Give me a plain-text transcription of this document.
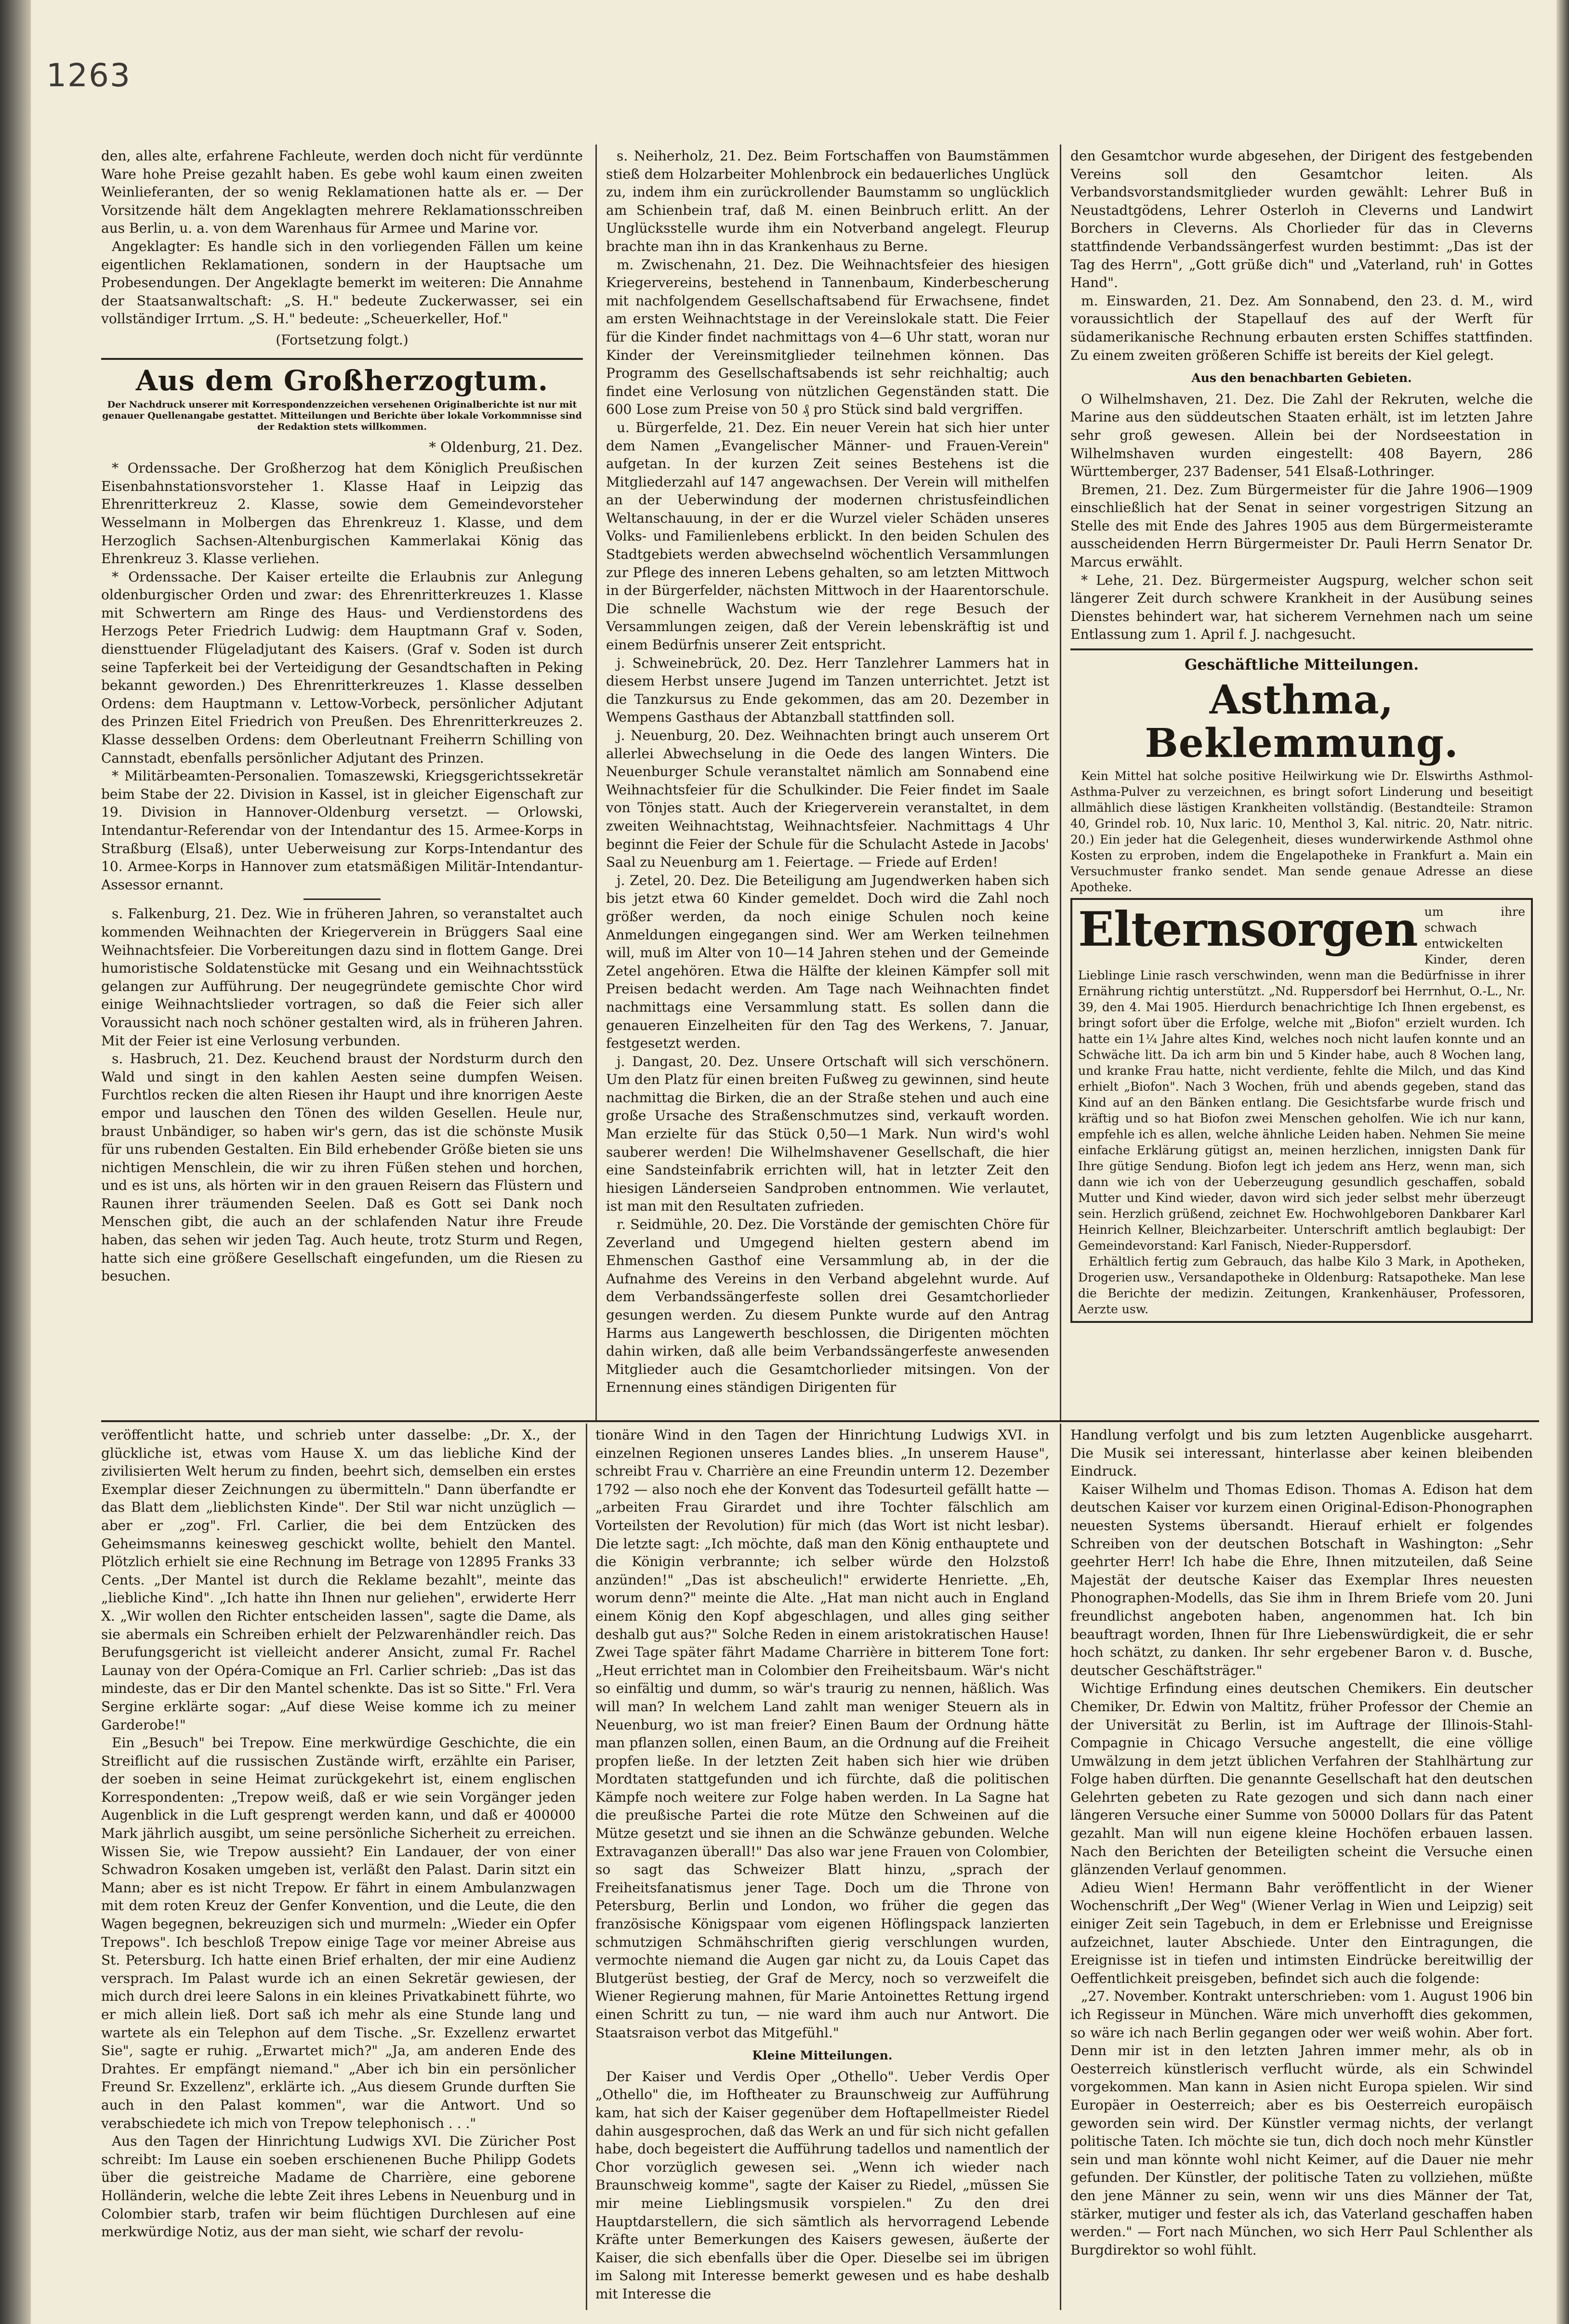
1263

den, alles alte, erfahrene Fachleute, werden doch nicht für verdünnte Ware hohe Preise gezahlt haben. Es gebe wohl kaum einen zweiten Weinlieferanten, der so wenig Reklamationen hatte als er. — Der Vorsitzende hält dem Angeklagten mehrere Reklamationsschreiben aus Berlin, u. a. von dem Warenhaus für Armee und Marine vor.

Angeklagter: Es handle sich in den vorliegenden Fällen um keine eigentlichen Reklamationen, sondern in der Hauptsache um Probesendungen. Der Angeklagte bemerkt im weiteren: Die Annahme der Staatsanwaltschaft: „S. H." bedeute Zuckerwasser, sei ein vollständiger Irrtum. „S. H." bedeute: „Scheuerkeller, Hof."

(Fortsetzung folgt.)
Aus dem Großherzogtum.
Der Nachdruck unserer mit Korrespondenzzeichen versehenen Originalberichte ist nur mit genauer Quellenangabe gestattet. Mitteilungen und Berichte über lokale Vorkommnisse sind der Redaktion stets willkommen.
* Oldenburg, 21. Dez.

* Ordenssache. Der Großherzog hat dem Königlich Preußischen Eisenbahnstationsvorsteher 1. Klasse Haaf in Leipzig das Ehrenritterkreuz 2. Klasse, sowie dem Gemeindevorsteher Wesselmann in Molbergen das Ehrenkreuz 1. Klasse, und dem Herzoglich Sachsen-Altenburgischen Kammerlakai König das Ehrenkreuz 3. Klasse verliehen.

* Ordenssache. Der Kaiser erteilte die Erlaubnis zur Anlegung oldenburgischer Orden und zwar: des Ehrenritterkreuzes 1. Klasse mit Schwertern am Ringe des Haus- und Verdienstordens des Herzogs Peter Friedrich Ludwig: dem Hauptmann Graf v. Soden, diensttuender Flügeladjutant des Kaisers. (Graf v. Soden ist durch seine Tapferkeit bei der Verteidigung der Gesandtschaften in Peking bekannt geworden.) Des Ehrenritterkreuzes 1. Klasse desselben Ordens: dem Hauptmann v. Lettow-Vorbeck, persönlicher Adjutant des Prinzen Eitel Friedrich von Preußen. Des Ehrenritterkreuzes 2. Klasse desselben Ordens: dem Oberleutnant Freiherrn Schilling von Cannstadt, ebenfalls persönlicher Adjutant des Prinzen.

* Militärbeamten-Personalien. Tomaszewski, Kriegsgerichtssekretär beim Stabe der 22. Division in Kassel, ist in gleicher Eigenschaft zur 19. Division in Hannover-Oldenburg versetzt. — Orlowski, Intendantur-Referendar von der Intendantur des 15. Armee-Korps in Straßburg (Elsaß), unter Ueberweisung zur Korps-Intendantur des 10. Armee-Korps in Hannover zum etatsmäßigen Militär-Intendantur-Assessor ernannt.

s. Falkenburg, 21. Dez. Wie in früheren Jahren, so veranstaltet auch kommenden Weihnachten der Kriegerverein in Brüggers Saal eine Weihnachtsfeier. Die Vorbereitungen dazu sind in flottem Gange. Drei humoristische Soldatenstücke mit Gesang und ein Weihnachtsstück gelangen zur Aufführung. Der neugegründete gemischte Chor wird einige Weihnachtslieder vortragen, so daß die Feier sich aller Voraussicht nach noch schöner gestalten wird, als in früheren Jahren. Mit der Feier ist eine Verlosung verbunden.

s. Hasbruch, 21. Dez. Keuchend braust der Nordsturm durch den Wald und singt in den kahlen Aesten seine dumpfen Weisen. Furchtlos recken die alten Riesen ihr Haupt und ihre knorrigen Aeste empor und lauschen den Tönen des wilden Gesellen. Heule nur, braust Unbändiger, so haben wir's gern, das ist die schönste Musik für uns rubenden Gestalten. Ein Bild erhebender Größe bieten sie uns nichtigen Menschlein, die wir zu ihren Füßen stehen und horchen, und es ist uns, als hörten wir in den grauen Reisern das Flüstern und Raunen ihrer träumenden Seelen. Daß es Gott sei Dank noch Menschen gibt, die auch an der schlafenden Natur ihre Freude haben, das sehen wir jeden Tag. Auch heute, trotz Sturm und Regen, hatte sich eine größere Gesellschaft eingefunden, um die Riesen zu besuchen.

s. Neiherholz, 21. Dez. Beim Fortschaffen von Baumstämmen stieß dem Holzarbeiter Mohlenbrock ein bedauerliches Unglück zu, indem ihm ein zurückrollender Baumstamm so unglücklich am Schienbein traf, daß M. einen Beinbruch erlitt. An der Unglücksstelle wurde ihm ein Notverband angelegt. Fleurup brachte man ihn in das Krankenhaus zu Berne.

m. Zwischenahn, 21. Dez. Die Weihnachtsfeier des hiesigen Kriegervereins, bestehend in Tannenbaum, Kinderbescherung mit nachfolgendem Gesellschaftsabend für Erwachsene, findet am ersten Weihnachtstage in der Vereinslokale statt. Die Feier für die Kinder findet nachmittags von 4—6 Uhr statt, woran nur Kinder der Vereinsmitglieder teilnehmen können. Das Programm des Gesellschaftsabends ist sehr reichhaltig; auch findet eine Verlosung von nützlichen Gegenständen statt. Die 600 Lose zum Preise von 50 ₰ pro Stück sind bald vergriffen.

u. Bürgerfelde, 21. Dez. Ein neuer Verein hat sich hier unter dem Namen „Evangelischer Männer- und Frauen-Verein" aufgetan. In der kurzen Zeit seines Bestehens ist die Mitgliederzahl auf 147 angewachsen. Der Verein will mithelfen an der Ueberwindung der modernen christusfeindlichen Weltanschauung, in der er die Wurzel vieler Schäden unseres Volks- und Familienlebens erblickt. In den beiden Schulen des Stadtgebiets werden abwechselnd wöchentlich Versammlungen zur Pflege des inneren Lebens gehalten, so am letzten Mittwoch in der Bürgerfelder, nächsten Mittwoch in der Haarentorschule. Die schnelle Wachstum wie der rege Besuch der Versammlungen zeigen, daß der Verein lebenskräftig ist und einem Bedürfnis unserer Zeit entspricht.

j. Schweinebrück, 20. Dez. Herr Tanzlehrer Lammers hat in diesem Herbst unsere Jugend im Tanzen unterrichtet. Jetzt ist die Tanzkursus zu Ende gekommen, das am 20. Dezember in Wempens Gasthaus der Abtanzball stattfinden soll.

j. Neuenburg, 20. Dez. Weihnachten bringt auch unserem Ort allerlei Abwechselung in die Oede des langen Winters. Die Neuenburger Schule veranstaltet nämlich am Sonnabend eine Weihnachtsfeier für die Schulkinder. Die Feier findet im Saale von Tönjes statt. Auch der Kriegerverein veranstaltet, in dem zweiten Weihnachtstag, Weihnachtsfeier. Nachmittags 4 Uhr beginnt die Feier der Schule für die Schulacht Astede in Jacobs' Saal zu Neuenburg am 1. Feiertage. — Friede auf Erden!

j. Zetel, 20. Dez. Die Beteiligung am Jugendwerken haben sich bis jetzt etwa 60 Kinder gemeldet. Doch wird die Zahl noch größer werden, da noch einige Schulen noch keine Anmeldungen eingegangen sind. Wer am Werken teilnehmen will, muß im Alter von 10—14 Jahren stehen und der Gemeinde Zetel angehören. Etwa die Hälfte der kleinen Kämpfer soll mit Preisen bedacht werden. Am Tage nach Weihnachten findet nachmittags eine Versammlung statt. Es sollen dann die genaueren Einzelheiten für den Tag des Werkens, 7. Januar, festgesetzt werden.

j. Dangast, 20. Dez. Unsere Ortschaft will sich verschönern. Um den Platz für einen breiten Fußweg zu gewinnen, sind heute nachmittag die Birken, die an der Straße stehen und auch eine große Ursache des Straßenschmutzes sind, verkauft worden. Man erzielte für das Stück 0,50—1 Mark. Nun wird's wohl sauberer werden! Die Wilhelmshavener Gesellschaft, die hier eine Sandsteinfabrik errichten will, hat in letzter Zeit den hiesigen Länderseien Sandproben entnommen. Wie verlautet, ist man mit den Resultaten zufrieden.

r. Seidmühle, 20. Dez. Die Vorstände der gemischten Chöre für Zeverland und Umgegend hielten gestern abend im Ehmenschen Gasthof eine Versammlung ab, in der die Aufnahme des Vereins in den Verband abgelehnt wurde. Auf dem Verbandssängerfeste sollen drei Gesamtchorlieder gesungen werden. Zu diesem Punkte wurde auf den Antrag Harms aus Langewerth beschlossen, die Dirigenten möchten dahin wirken, daß alle beim Verbandssängerfeste anwesenden Mitglieder auch die Gesamtchorlieder mitsingen. Von der Ernennung eines ständigen Dirigenten für

den Gesamtchor wurde abgesehen, der Dirigent des festgebenden Vereins soll den Gesamtchor leiten. Als Verbandsvorstandsmitglieder wurden gewählt: Lehrer Buß in Neustadtgödens, Lehrer Osterloh in Cleverns und Landwirt Borchers in Cleverns. Als Chorlieder für das in Cleverns stattfindende Verbandssängerfest wurden bestimmt: „Das ist der Tag des Herrn", „Gott grüße dich" und „Vaterland, ruh' in Gottes Hand".

m. Einswarden, 21. Dez. Am Sonnabend, den 23. d. M., wird voraussichtlich der Stapellauf des auf der Werft für südamerikanische Rechnung erbauten ersten Schiffes stattfinden. Zu einem zweiten größeren Schiffe ist bereits der Kiel gelegt.

Aus den benachbarten Gebieten.

O Wilhelmshaven, 21. Dez. Die Zahl der Rekruten, welche die Marine aus den süddeutschen Staaten erhält, ist im letzten Jahre sehr groß gewesen. Allein bei der Nordseestation in Wilhelmshaven wurden eingestellt: 408 Bayern, 286 Württemberger, 237 Badenser, 541 Elsaß-Lothringer.

Bremen, 21. Dez. Zum Bürgermeister für die Jahre 1906—1909 einschließlich hat der Senat in seiner vorgestrigen Sitzung an Stelle des mit Ende des Jahres 1905 aus dem Bürgermeisteramte ausscheidenden Herrn Bürgermeister Dr. Pauli Herrn Senator Dr. Marcus erwählt.

* Lehe, 21. Dez. Bürgermeister Augspurg, welcher schon seit längerer Zeit durch schwere Krankheit in der Ausübung seines Dienstes behindert war, hat sicherem Vernehmen nach um seine Entlassung zum 1. April f. J. nachgesucht.

Geschäftliche Mitteilungen.
Asthma, Beklemmung.

Kein Mittel hat solche positive Heilwirkung wie Dr. Elswirths Asthmol-Asthma-Pulver zu verzeichnen, es bringt sofort Linderung und beseitigt allmählich diese lästigen Krankheiten vollständig. (Bestandteile: Stramon 40, Grindel rob. 10, Nux laric. 10, Menthol 3, Kal. nitric. 20, Natr. nitric. 20.) Ein jeder hat die Gelegenheit, dieses wunderwirkende Asthmol ohne Kosten zu erproben, indem die Engelapotheke in Frankfurt a. Main ein Versuchmuster franko sendet. Man sende genaue Adresse an diese Apotheke.

Elternsorgen um ihre schwach entwickelten Kinder, deren Lieblinge Linie rasch verschwinden, wenn man die Bedürfnisse in ihrer Ernährung richtig unterstützt. „Nd. Ruppersdorf bei Herrnhut, O.-L., Nr. 39, den 4. Mai 1905. Hierdurch benachrichtige Ich Ihnen ergebenst, es bringt sofort über die Erfolge, welche mit „Biofon" erzielt wurden. Ich hatte ein 1¼ Jahre altes Kind, welches noch nicht laufen konnte und an Schwäche litt. Da ich arm bin und 5 Kinder habe, auch 8 Wochen lang, und kranke Frau hatte, nicht verdiente, fehlte die Milch, und das Kind erhielt „Biofon". Nach 3 Wochen, früh und abends gegeben, stand das Kind auf an den Bänken entlang. Die Gesichtsfarbe wurde frisch und kräftig und so hat Biofon zwei Menschen geholfen. Wie ich nur kann, empfehle ich es allen, welche ähnliche Leiden haben. Nehmen Sie meine einfache Erklärung gütigst an, meinen herzlichen, innigsten Dank für Ihre gütige Sendung. Biofon legt ich jedem ans Herz, wenn man, sich dann wie ich von der Ueberzeugung gesundlich geschaffen, sobald Mutter und Kind wieder, davon wird sich jeder selbst mehr überzeugt sein. Herzlich grüßend, zeichnet Ew. Hochwohlgeboren Dankbarer Karl Heinrich Kellner, Bleichzarbeiter. Unterschrift amtlich beglaubigt: Der Gemeindevorstand: Karl Fanisch, Nieder-Ruppersdorf.

Erhältlich fertig zum Gebrauch, das halbe Kilo 3 Mark, in Apotheken, Drogerien usw., Versandapotheke in Oldenburg: Ratsapotheke. Man lese die Berichte der medizin. Zeitungen, Krankenhäuser, Professoren, Aerzte usw.

veröffentlicht hatte, und schrieb unter dasselbe: „Dr. X., der glückliche ist, etwas vom Hause X. um das liebliche Kind der zivilisierten Welt herum zu finden, beehrt sich, demselben ein erstes Exemplar dieser Zeichnungen zu übermitteln." Dann überfandte er das Blatt dem „lieblichsten Kinde". Der Stil war nicht unzüglich — aber er „zog". Frl. Carlier, die bei dem Entzücken des Geheimsmanns keinesweg geschickt wollte, behielt den Mantel. Plötzlich erhielt sie eine Rechnung im Betrage von 12895 Franks 33 Cents. „Der Mantel ist durch die Reklame bezahlt", meinte das „liebliche Kind". „Ich hatte ihn Ihnen nur geliehen", erwiderte Herr X. „Wir wollen den Richter entscheiden lassen", sagte die Dame, als sie abermals ein Schreiben erhielt der Pelzwarenhändler reich. Das Berufungsgericht ist vielleicht anderer Ansicht, zumal Fr. Rachel Launay von der Opéra-Comique an Frl. Carlier schrieb: „Das ist das mindeste, das er Dir den Mantel schenkte. Das ist so Sitte." Frl. Vera Sergine erklärte sogar: „Auf diese Weise komme ich zu meiner Garderobe!"

Ein „Besuch" bei Trepow. Eine merkwürdige Geschichte, die ein Streiflicht auf die russischen Zustände wirft, erzählte ein Pariser, der soeben in seine Heimat zurückgekehrt ist, einem englischen Korrespondenten: „Trepow weiß, daß er wie sein Vorgänger jeden Augenblick in die Luft gesprengt werden kann, und daß er 400000 Mark jährlich ausgibt, um seine persönliche Sicherheit zu erreichen. Wissen Sie, wie Trepow aussieht? Ein Landauer, der von einer Schwadron Kosaken umgeben ist, verläßt den Palast. Darin sitzt ein Mann; aber es ist nicht Trepow. Er fährt in einem Ambulanzwagen mit dem roten Kreuz der Genfer Konvention, und die Leute, die den Wagen begegnen, bekreuzigen sich und murmeln: „Wieder ein Opfer Trepows". Ich beschloß Trepow einige Tage vor meiner Abreise aus St. Petersburg. Ich hatte einen Brief erhalten, der mir eine Audienz versprach. Im Palast wurde ich an einen Sekretär gewiesen, der mich durch drei leere Salons in ein kleines Privatkabinett führte, wo er mich allein ließ. Dort saß ich mehr als eine Stunde lang und wartete als ein Telephon auf dem Tische. „Sr. Exzellenz erwartet Sie", sagte er ruhig. „Erwartet mich?" „Ja, am anderen Ende des Drahtes. Er empfängt niemand." „Aber ich bin ein persönlicher Freund Sr. Exzellenz", erklärte ich. „Aus diesem Grunde durften Sie auch in den Palast kommen", war die Antwort. Und so verabschiedete ich mich von Trepow telephonisch . . ."

Aus den Tagen der Hinrichtung Ludwigs XVI. Die Züricher Post schreibt: Im Lause ein soeben erschienenen Buche Philipp Godets über die geistreiche Madame de Charrière, eine geborene Holländerin, welche die lebte Zeit ihres Lebens in Neuenburg und in Colombier starb, trafen wir beim flüchtigen Durchlesen auf eine merkwürdige Notiz, aus der man sieht, wie scharf der revolu-

tionäre Wind in den Tagen der Hinrichtung Ludwigs XVI. in einzelnen Regionen unseres Landes blies. „In unserem Hause", schreibt Frau v. Charrière an eine Freundin unterm 12. Dezember 1792 — also noch ehe der Konvent das Todesurteil gefällt hatte — „arbeiten Frau Girardet und ihre Tochter fälschlich am Vorteilsten der Revolution) für mich (das Wort ist nicht lesbar). Die letzte sagt: „Ich möchte, daß man den König enthauptete und die Königin verbrannte; ich selber würde den Holzstoß anzünden!" „Das ist abscheulich!" erwiderte Henriette. „Eh, worum denn?" meinte die Alte. „Hat man nicht auch in England einem König den Kopf abgeschlagen, und alles ging seither deshalb gut aus?" Solche Reden in einem aristokratischen Hause! Zwei Tage später fährt Madame Charrière in bitterem Tone fort: „Heut errichtet man in Colombier den Freiheitsbaum. Wär's nicht so einfältig und dumm, so wär's traurig zu nennen, häßlich. Was will man? In welchem Land zahlt man weniger Steuern als in Neuenburg, wo ist man freier? Einen Baum der Ordnung hätte man pflanzen sollen, einen Baum, an die Ordnung auf die Freiheit propfen ließe. In der letzten Zeit haben sich hier wie drüben Mordtaten stattgefunden und ich fürchte, daß die politischen Kämpfe noch weitere zur Folge haben werden. In La Sagne hat die preußische Partei die rote Mütze den Schweinen auf die Mütze gesetzt und sie ihnen an die Schwänze gebunden. Welche Extravaganzen überall!" Das also war jene Frauen von Colombier, so sagt das Schweizer Blatt hinzu, „sprach der Freiheitsfanatismus jener Tage. Doch um die Throne von Petersburg, Berlin und London, wo früher die gegen das französische Königspaar vom eigenen Höflingspack lanzierten schmutzigen Schmähschriften gierig verschlungen wurden, vermochte niemand die Augen gar nicht zu, da Louis Capet das Blutgerüst bestieg, der Graf de Mercy, noch so verzweifelt die Wiener Regierung mahnen, für Marie Antoinettes Rettung irgend einen Schritt zu tun, — nie ward ihm auch nur Antwort. Die Staatsraison verbot das Mitgefühl."

Kleine Mitteilungen.

Der Kaiser und Verdis Oper „Othello". Ueber Verdis Oper „Othello" die, im Hoftheater zu Braunschweig zur Aufführung kam, hat sich der Kaiser gegenüber dem Hoftapellmeister Riedel dahin ausgesprochen, daß das Werk an und für sich nicht gefallen habe, doch begeistert die Aufführung tadellos und namentlich der Chor vorzüglich gewesen sei. „Wenn ich wieder nach Braunschweig komme", sagte der Kaiser zu Riedel, „müssen Sie mir meine Lieblingsmusik vorspielen." Zu den drei Hauptdarstellern, die sich sämtlich als hervorragend Lebende Kräfte unter Bemerkungen des Kaisers gewesen, äußerte der Kaiser, die sich ebenfalls über die Oper. Dieselbe sei im übrigen im Salong mit Interesse bemerkt gewesen und es habe deshalb mit Interesse die

Handlung verfolgt und bis zum letzten Augenblicke ausgeharrt. Die Musik sei interessant, hinterlasse aber keinen bleibenden Eindruck.

Kaiser Wilhelm und Thomas Edison. Thomas A. Edison hat dem deutschen Kaiser vor kurzem einen Original-Edison-Phonographen neuesten Systems übersandt. Hierauf erhielt er folgendes Schreiben von der deutschen Botschaft in Washington: „Sehr geehrter Herr! Ich habe die Ehre, Ihnen mitzuteilen, daß Seine Majestät der deutsche Kaiser das Exemplar Ihres neuesten Phonographen-Modells, das Sie ihm in Ihrem Briefe vom 20. Juni freundlichst angeboten haben, angenommen hat. Ich bin beauftragt worden, Ihnen für Ihre Liebenswürdigkeit, die er sehr hoch schätzt, zu danken. Ihr sehr ergebener Baron v. d. Busche, deutscher Geschäftsträger."

Wichtige Erfindung eines deutschen Chemikers. Ein deutscher Chemiker, Dr. Edwin von Maltitz, früher Professor der Chemie an der Universität zu Berlin, ist im Auftrage der Illinois-Stahl-Compagnie in Chicago Versuche angestellt, die eine völlige Umwälzung in dem jetzt üblichen Verfahren der Stahlhärtung zur Folge haben dürften. Die genannte Gesellschaft hat den deutschen Gelehrten gebeten zu Rate gezogen und sich dann nach einer längeren Versuche einer Summe von 50000 Dollars für das Patent gezahlt. Man will nun eigene kleine Hochöfen erbauen lassen. Nach den Berichten der Beteiligten scheint die Versuche einen glänzenden Verlauf genommen.

Adieu Wien! Hermann Bahr veröffentlicht in der Wiener Wochenschrift „Der Weg" (Wiener Verlag in Wien und Leipzig) seit einiger Zeit sein Tagebuch, in dem er Erlebnisse und Ereignisse aufzeichnet, lauter Abschiede. Unter den Eintragungen, die Ereignisse ist in tiefen und intimsten Eindrücke bereitwillig der Oeffentlichkeit preisgeben, befindet sich auch die folgende:

„27. November. Kontrakt unterschrieben: vom 1. August 1906 bin ich Regisseur in München. Wäre mich unverhofft dies gekommen, so wäre ich nach Berlin gegangen oder wer weiß wohin. Aber fort. Denn mir ist in den letzten Jahren immer mehr, als ob in Oesterreich künstlerisch verflucht würde, als ein Schwindel vorgekommen. Man kann in Asien nicht Europa spielen. Wir sind Europäer in Oesterreich; aber es bis Oesterreich europäisch geworden sein wird. Der Künstler vermag nichts, der verlangt politische Taten. Ich möchte sie tun, dich doch noch mehr Künstler sein und man könnte wohl nicht Keimer, auf die Dauer nie mehr gefunden. Der Künstler, der politische Taten zu vollziehen, müßte den jene Männer zu sein, wenn wir uns dies Männer der Tat, stärker, mutiger und fester als ich, das Vaterland geschaffen haben werden." — Fort nach München, wo sich Herr Paul Schlenther als Burgdirektor so wohl fühlt.
